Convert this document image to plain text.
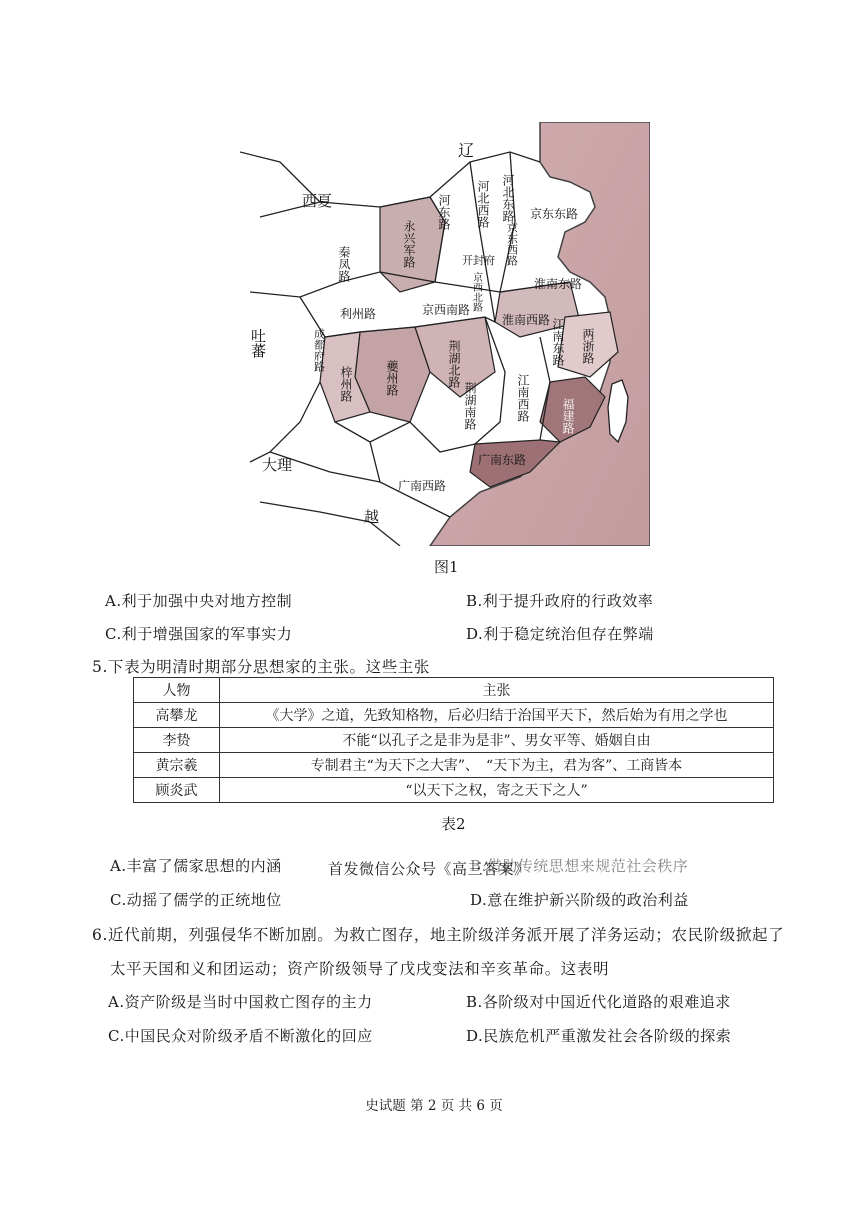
辽
西夏
吐蕃
大理
越
河东路 河北西路 河北东路 京东东路
京东西路
永兴军路
秦凤路	开封府
京西北路
京西南路
利州路
淮南东路
淮南西路 江南东路 两浙路
成都府路
梓州路	夔州路	荆湖北路
荆湖南路	江南西路	福建路
广南东路
广南西路
图1
A.利于加强中央对地方控制	B.利于提升政府的行政效率
C.利于增强国家的军事实力	D.利于稳定统治但存在弊端
5.下表为明清时期部分思想家的主张。这些主张
人物	主张
高攀龙	《大学》之道，先致知格物，后必归结于治国平天下，然后始为有用之学也
李贽	不能“以孔子之是非为是非”、男女平等、婚姻自由
黄宗羲	专制君主“为天下之大害”、　“天下为主，君为客”、工商皆本
顾炎武	“以天下之权，寄之天下之人”
表2
A.丰富了儒家思想的内涵	B.借助传统思想来规范社会秩序
首发微信公众号《高三答案》
C.动摇了儒学的正统地位	D.意在维护新兴阶级的政治利益
6.近代前期，列强侵华不断加剧。为救亡图存，地主阶级洋务派开展了洋务运动；农民阶级掀起了
太平天国和义和团运动；资产阶级领导了戊戌变法和辛亥革命。这表明
A.资产阶级是当时中国救亡图存的主力	B.各阶级对中国近代化道路的艰难追求
C.中国民众对阶级矛盾不断激化的回应	D.民族危机严重激发社会各阶级的探索
史试题 第 2 页 共 6 页
